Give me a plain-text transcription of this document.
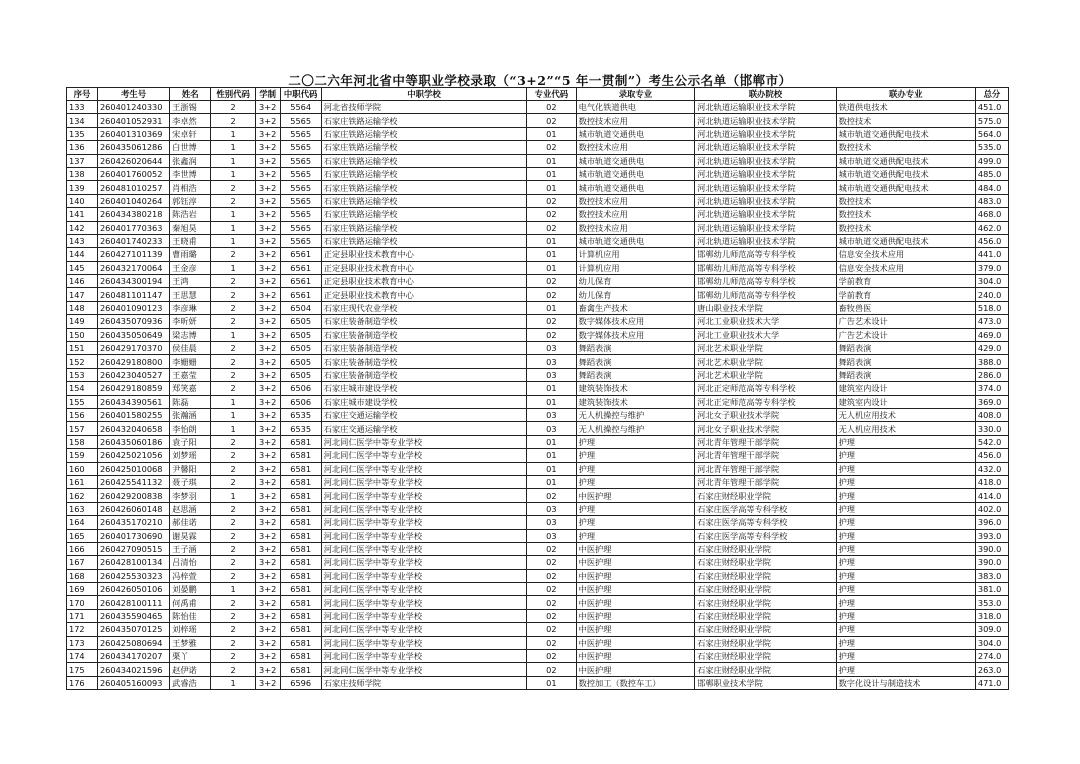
二〇二六年河北省中等职业学校录取（“3+2”“5 年一贯制”）考生公示名单（邯郸市）
序号	考生号	姓名	性别代码	学制	中职代码	中职学校	专业代码	录取专业	联办院校	联办专业	总分
133	260401240330	王浙锡	2	3+2	5564	河北省技师学院	02	电气化铁道供电	河北轨道运输职业技术学院	铁道供电技术	451.0
134	260401052931	李卓然	2	3+2	5565	石家庄铁路运输学校	02	数控技术应用	河北轨道运输职业技术学院	数控技术	575.0
135	260401310369	宋卓轩	1	3+2	5565	石家庄铁路运输学校	01	城市轨道交通供电	河北轨道运输职业技术学院	城市轨道交通供配电技术	564.0
136	260435061286	白世博	1	3+2	5565	石家庄铁路运输学校	02	数控技术应用	河北轨道运输职业技术学院	数控技术	535.0
137	260426020644	张鑫润	1	3+2	5565	石家庄铁路运输学校	01	城市轨道交通供电	河北轨道运输职业技术学院	城市轨道交通供配电技术	499.0
138	260401760052	李世博	1	3+2	5565	石家庄铁路运输学校	01	城市轨道交通供电	河北轨道运输职业技术学院	城市轨道交通供配电技术	485.0
139	260481010257	肖相浩	2	3+2	5565	石家庄铁路运输学校	01	城市轨道交通供电	河北轨道运输职业技术学院	城市轨道交通供配电技术	484.0
140	260401040264	郭钰淳	2	3+2	5565	石家庄铁路运输学校	02	数控技术应用	河北轨道运输职业技术学院	数控技术	483.0
141	260434380218	陈浩岩	1	3+2	5565	石家庄铁路运输学校	02	数控技术应用	河北轨道运输职业技术学院	数控技术	468.0
142	260401770363	秦旭昊	1	3+2	5565	石家庄铁路运输学校	02	数控技术应用	河北轨道运输职业技术学院	数控技术	462.0
143	260401740233	王晓甫	1	3+2	5565	石家庄铁路运输学校	01	城市轨道交通供电	河北轨道运输职业技术学院	城市轨道交通供配电技术	456.0
144	260427101139	曹雨璐	2	3+2	6561	正定县职业技术教育中心	01	计算机应用	邯郸幼儿师范高等专科学校	信息安全技术应用	441.0
145	260432170064	王金彦	1	3+2	6561	正定县职业技术教育中心	01	计算机应用	邯郸幼儿师范高等专科学校	信息安全技术应用	379.0
146	260434300194	王鸿	2	3+2	6561	正定县职业技术教育中心	02	幼儿保育	邯郸幼儿师范高等专科学校	学前教育	304.0
147	260481101147	王思慧	2	3+2	6561	正定县职业技术教育中心	02	幼儿保育	邯郸幼儿师范高等专科学校	学前教育	240.0
148	260401090123	李彦琳	2	3+2	6504	石家庄现代农业学校	01	畜禽生产技术	唐山职业技术学院	畜牧兽医	518.0
149	260435070936	李昕妍	2	3+2	6505	石家庄装备制造学校	02	数字媒体技术应用	河北工业职业技术大学	广告艺术设计	473.0
150	260435050649	梁志博	1	3+2	6505	石家庄装备制造学校	02	数字媒体技术应用	河北工业职业技术大学	广告艺术设计	469.0
151	260429170370	侯佳晨	2	3+2	6505	石家庄装备制造学校	03	舞蹈表演	河北艺术职业学院	舞蹈表演	429.0
152	260429180800	李姗姗	2	3+2	6505	石家庄装备制造学校	03	舞蹈表演	河北艺术职业学院	舞蹈表演	388.0
153	260423040527	王嘉莹	2	3+2	6505	石家庄装备制造学校	03	舞蹈表演	河北艺术职业学院	舞蹈表演	286.0
154	260429180859	郑笑嘉	2	3+2	6506	石家庄城市建设学校	01	建筑装饰技术	河北正定师范高等专科学校	建筑室内设计	374.0
155	260434390561	陈磊	1	3+2	6506	石家庄城市建设学校	01	建筑装饰技术	河北正定师范高等专科学校	建筑室内设计	369.0
156	260401580255	张瀚涵	1	3+2	6535	石家庄交通运输学校	03	无人机操控与维护	河北女子职业技术学院	无人机应用技术	408.0
157	260432040658	李怡朗	1	3+2	6535	石家庄交通运输学校	03	无人机操控与维护	河北女子职业技术学院	无人机应用技术	330.0
158	260435060186	袁子阳	2	3+2	6581	河北同仁医学中等专业学校	01	护理	河北青年管理干部学院	护理	542.0
159	260425021056	刘梦瑶	2	3+2	6581	河北同仁医学中等专业学校	01	护理	河北青年管理干部学院	护理	456.0
160	260425010068	尹馨阳	2	3+2	6581	河北同仁医学中等专业学校	01	护理	河北青年管理干部学院	护理	432.0
161	260425541132	聂子琪	2	3+2	6581	河北同仁医学中等专业学校	01	护理	河北青年管理干部学院	护理	418.0
162	260429200838	李梦羽	1	3+2	6581	河北同仁医学中等专业学校	02	中医护理	石家庄财经职业学院	护理	414.0
163	260426060148	赵思涵	2	3+2	6581	河北同仁医学中等专业学校	03	护理	石家庄医学高等专科学校	护理	402.0
164	260435170210	郝佳诺	2	3+2	6581	河北同仁医学中等专业学校	03	护理	石家庄医学高等专科学校	护理	396.0
165	260401730690	谢昊霖	2	3+2	6581	河北同仁医学中等专业学校	03	护理	石家庄医学高等专科学校	护理	393.0
166	260427090515	王子涵	2	3+2	6581	河北同仁医学中等专业学校	02	中医护理	石家庄财经职业学院	护理	390.0
167	260428100134	吕清怡	2	3+2	6581	河北同仁医学中等专业学校	02	中医护理	石家庄财经职业学院	护理	390.0
168	260425530323	冯梓萱	2	3+2	6581	河北同仁医学中等专业学校	02	中医护理	石家庄财经职业学院	护理	383.0
169	260426050106	刘晏鹏	1	3+2	6581	河北同仁医学中等专业学校	02	中医护理	石家庄财经职业学院	护理	381.0
170	260428100111	何禹甫	2	3+2	6581	河北同仁医学中等专业学校	02	中医护理	石家庄财经职业学院	护理	353.0
171	260435590465	陈怡佳	2	3+2	6581	河北同仁医学中等专业学校	02	中医护理	石家庄财经职业学院	护理	318.0
172	260435070125	刘梓瑶	2	3+2	6581	河北同仁医学中等专业学校	02	中医护理	石家庄财经职业学院	护理	309.0
173	260425080694	王梦雅	2	3+2	6581	河北同仁医学中等专业学校	02	中医护理	石家庄财经职业学院	护理	304.0
174	260434170207	栗丫	2	3+2	6581	河北同仁医学中等专业学校	02	中医护理	石家庄财经职业学院	护理	274.0
175	260434021596	赵伊诺	2	3+2	6581	河北同仁医学中等专业学校	02	中医护理	石家庄财经职业学院	护理	263.0
176	260405160093	武睿浩	1	3+2	6596	石家庄技师学院	01	数控加工（数控车工）	邯郸职业技术学院	数字化设计与制造技术	471.0
